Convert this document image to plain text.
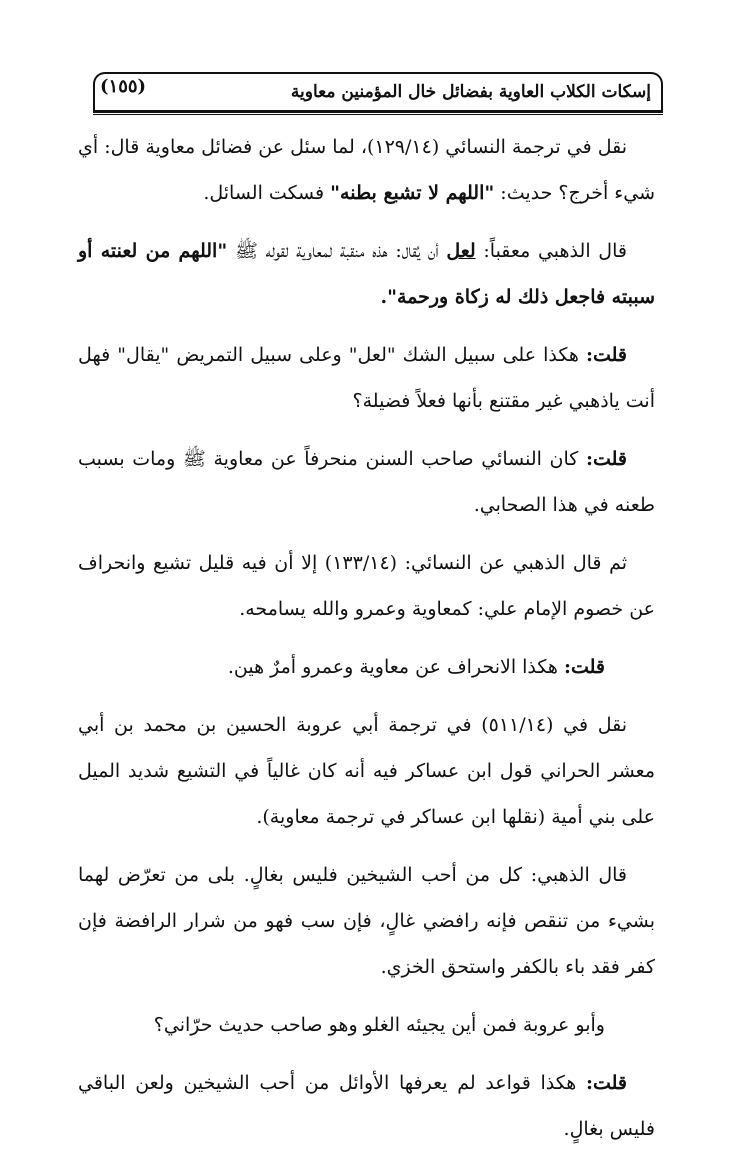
(١٥٥)	إسكات الكلاب العاوية بفضائل خال المؤمنين معاوية

نقل في ترجمة النسائي (١٢٩/١٤)، لما سئل عن فضائل معاوية قال: أي شيء أخرج؟ حديث: "اللهم لا تشبع بطنه" فسكت السائل.

قال الذهبي معقباً: لعل أن يُقال: هذه منقبة لمعاوية لقوله ﷺ "اللهم من لعنته أو سببته فاجعل ذلك له زكاة ورحمة".

قلت: هكذا على سبيل الشك "لعل" وعلى سبيل التمريض "يقال" فهل أنت ياذهبي غير مقتنع بأنها فعلاً فضيلة؟

قلت: كان النسائي صاحب السنن منحرفاً عن معاوية ﷺ ومات بسبب طعنه في هذا الصحابي.

ثم قال الذهبي عن النسائي: (١٣٣/١٤) إلا أن فيه قليل تشيع وانحراف عن خصوم الإمام علي: كمعاوية وعمرو والله يسامحه.

قلت: هكذا الانحراف عن معاوية وعمرو أمرٌ هين.

نقل في (٥١١/١٤) في ترجمة أبي عروبة الحسين بن محمد بن أبي معشر الحراني قول ابن عساكر فيه أنه كان غالياً في التشيع شديد الميل على بني أمية (نقلها ابن عساكر في ترجمة معاوية).

قال الذهبي: كل من أحب الشيخين فليس بغالٍ. بلى من تعرّض لهما بشيء من تنقص فإنه رافضي غالٍ، فإن سب فهو من شرار الرافضة فإن كفر فقد باء بالكفر واستحق الخزي.

وأبو عروبة فمن أين يجيئه الغلو وهو صاحب حديث حرّاني؟

قلت: هكذا قواعد لم يعرفها الأوائل من أحب الشيخين ولعن الباقي فليس بغالٍ.
